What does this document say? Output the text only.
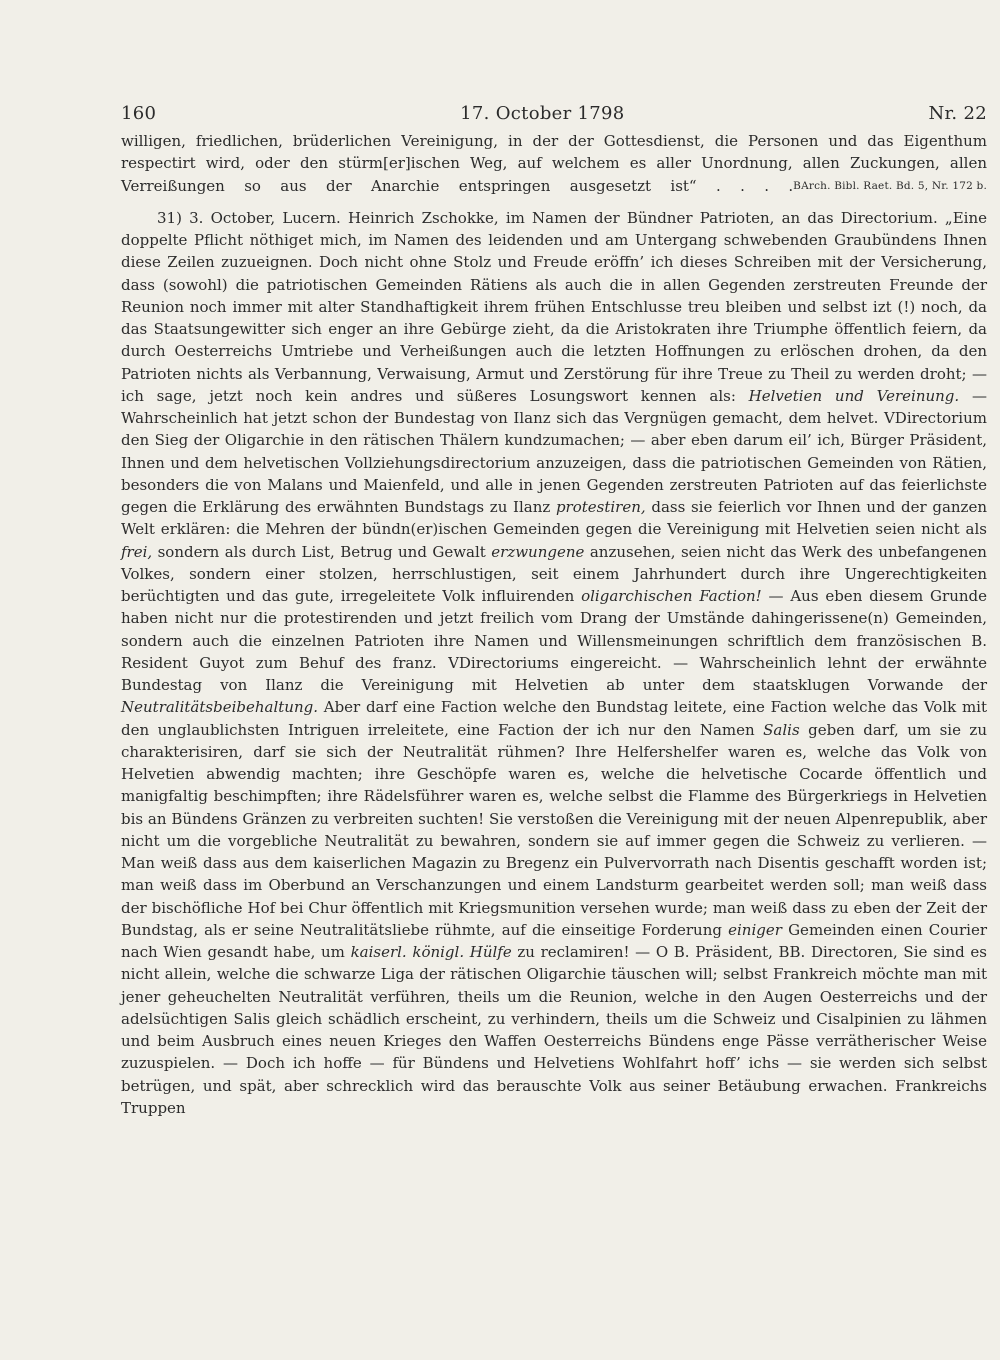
160	17. October 1798	Nr. 22

willigen, friedlichen, brüderlichen Vereinigung, in der der Gottesdienst, die Personen und das Eigenthum respectirt wird, oder den stürm[er]ischen Weg, auf welchem es aller Unordnung, allen Zuckungen, allen Verreißungen so aus der Anarchie entspringen ausgesetzt ist“ . . . . BArch. Bibl. Raet. Bd. 5, Nr. 172 b.

31) 3. October, Lucern. Heinrich Zschokke, im Namen der Bündner Patrioten, an das Directorium. „Eine doppelte Pflicht nöthiget mich, im Namen des leidenden und am Untergang schwebenden Graubündens Ihnen diese Zeilen zuzueignen. Doch nicht ohne Stolz und Freude eröffn’ ich dieses Schreiben mit der Versicherung, dass (sowohl) die patriotischen Gemeinden Rätiens als auch die in allen Gegenden zerstreuten Freunde der Reunion noch immer mit alter Standhaftigkeit ihrem frühen Entschlusse treu bleiben und selbst izt (!) noch, da das Staatsungewitter sich enger an ihre Gebürge zieht, da die Aristokraten ihre Triumphe öffentlich feiern, da durch Oesterreichs Umtriebe und Verheißungen auch die letzten Hoffnungen zu erlöschen drohen, da den Patrioten nichts als Verbannung, Verwaisung, Armut und Zerstörung für ihre Treue zu Theil zu werden droht; — ich sage, jetzt noch kein andres und süßeres Losungswort kennen als: Helvetien und Vereinung. — Wahrscheinlich hat jetzt schon der Bundestag von Ilanz sich das Vergnügen gemacht, dem helvet. VDirectorium den Sieg der Oligarchie in den rätischen Thälern kundzumachen; — aber eben darum eil’ ich, Bürger Präsident, Ihnen und dem helvetischen Vollziehungsdirectorium anzuzeigen, dass die patriotischen Gemeinden von Rätien, besonders die von Malans und Maienfeld, und alle in jenen Gegenden zerstreuten Patrioten auf das feierlichste gegen die Erklärung des erwähnten Bundstags zu Ilanz protestiren, dass sie feierlich vor Ihnen und der ganzen Welt erklären: die Mehren der bündn(er)ischen Gemeinden gegen die Vereinigung mit Helvetien seien nicht als frei, sondern als durch List, Betrug und Gewalt erzwungene anzusehen, seien nicht das Werk des unbefangenen Volkes, sondern einer stolzen, herrschlustigen, seit einem Jahrhundert durch ihre Ungerechtigkeiten berüchtigten und das gute, irregeleitete Volk influirenden oligarchischen Faction! — Aus eben diesem Grunde haben nicht nur die protestirenden und jetzt freilich vom Drang der Umstände dahingerissene(n) Gemeinden, sondern auch die einzelnen Patrioten ihre Namen und Willensmeinungen schriftlich dem französischen B. Resident Guyot zum Behuf des franz. VDirectoriums eingereicht. — Wahrscheinlich lehnt der erwähnte Bundestag von Ilanz die Vereinigung mit Helvetien ab unter dem staatsklugen Vorwande der Neutralitätsbeibehaltung. Aber darf eine Faction welche den Bundstag leitete, eine Faction welche das Volk mit den unglaublichsten Intriguen irreleitete, eine Faction der ich nur den Namen Salis geben darf, um sie zu charakterisiren, darf sie sich der Neutralität rühmen? Ihre Helfershelfer waren es, welche das Volk von Helvetien abwendig machten; ihre Geschöpfe waren es, welche die helvetische Cocarde öffentlich und manigfaltig beschimpften; ihre Rädelsführer waren es, welche selbst die Flamme des Bürgerkriegs in Helvetien bis an Bündens Gränzen zu verbreiten suchten! Sie verstoßen die Vereinigung mit der neuen Alpenrepublik, aber nicht um die vorgebliche Neutralität zu bewahren, sondern sie auf immer gegen die Schweiz zu verlieren. — Man weiß dass aus dem kaiserlichen Magazin zu Bregenz ein Pulvervorrath nach Disentis geschafft worden ist; man weiß dass im Oberbund an Verschanzungen und einem Landsturm gearbeitet werden soll; man weiß dass der bischöfliche Hof bei Chur öffentlich mit Kriegsmunition versehen wurde; man weiß dass zu eben der Zeit der Bundstag, als er seine Neutralitätsliebe rühmte, auf die einseitige Forderung einiger Gemeinden einen Courier nach Wien gesandt habe, um kaiserl. königl. Hülfe zu reclamiren! — O B. Präsident, BB. Directoren, Sie sind es nicht allein, welche die schwarze Liga der rätischen Oligarchie täuschen will; selbst Frankreich möchte man mit jener geheuchelten Neutralität verführen, theils um die Reunion, welche in den Augen Oesterreichs und der adelsüchtigen Salis gleich schädlich erscheint, zu verhindern, theils um die Schweiz und Cisalpinien zu lähmen und beim Ausbruch eines neuen Krieges den Waffen Oesterreichs Bündens enge Pässe verrätherischer Weise zuzuspielen. — Doch ich hoffe — für Bündens und Helvetiens Wohlfahrt hoff’ ichs — sie werden sich selbst betrügen, und spät, aber schrecklich wird das berauschte Volk aus seiner Betäubung erwachen. Frankreichs Truppen
